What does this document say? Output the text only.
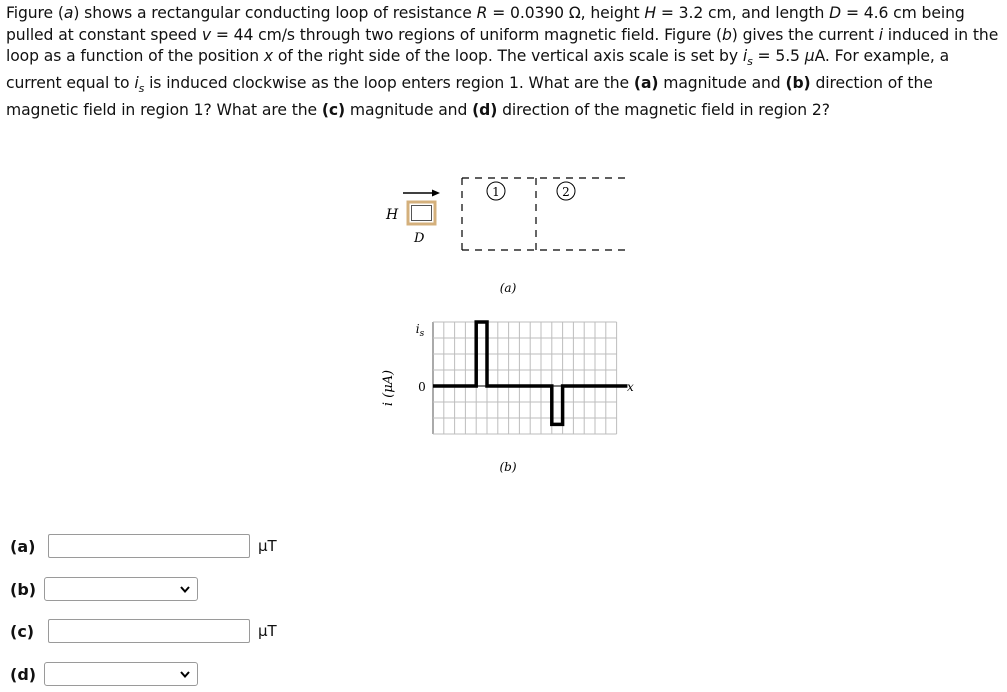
Figure (a) shows a rectangular conducting loop of resistance R = 0.0390 Ω, height H = 3.2 cm, and length D = 4.6 cm being pulled at constant speed v = 44 cm/s through two regions of uniform magnetic field. Figure (b) gives the current i induced in the loop as a function of the position x of the right side of the loop. The vertical axis scale is set by $i_s = 5.5$ μA. For example, a current equal to $i_s$ is induced clockwise as the loop enters region 1. What are the (a) magnitude and (b) direction of the magnetic field in region 1? What are the (c) magnitude and (d) direction of the magnetic field in region 2?
H
D
1	2
(a)
i (μA)
$i_s$
0	x
(b)
(a)	μT
(b)
(c)	μT
(d)
